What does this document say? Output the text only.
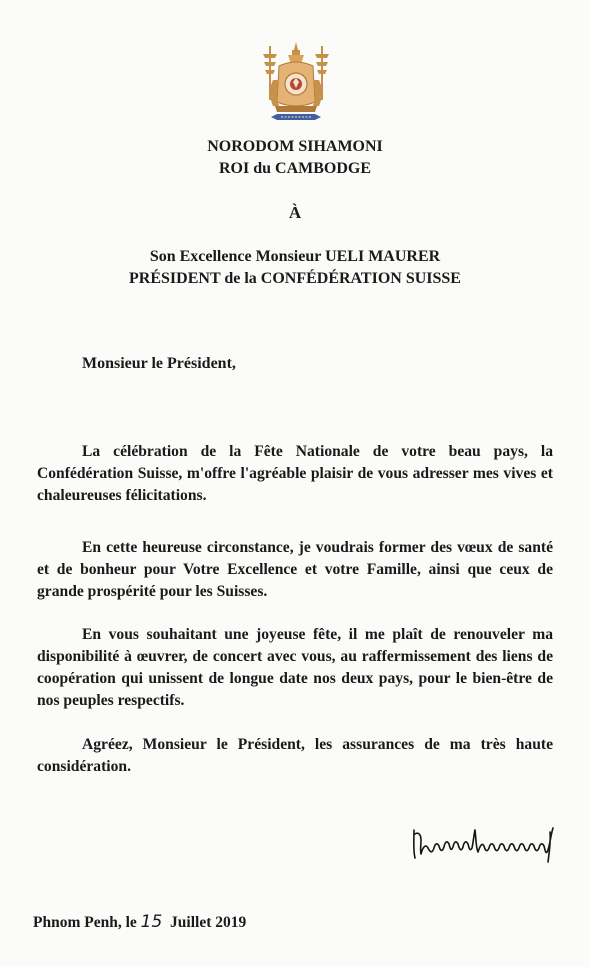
NORODOM SIHAMONI
ROI du CAMBODGE
À
Son Excellence Monsieur UELI MAURER
PRÉSIDENT de la CONFÉDÉRATION SUISSE
Monsieur le Président,

La célébration de la Fête Nationale de votre beau pays, la Confédération Suisse, m'offre l'agréable plaisir de vous adresser mes vives et chaleureuses félicitations.

En cette heureuse circonstance, je voudrais former des vœux de santé et de bonheur pour Votre Excellence et votre Famille, ainsi que ceux de grande prospérité pour les Suisses.

En vous souhaitant une joyeuse fête, il me plaît de renouveler ma disponibilité à œuvrer, de concert avec vous, au raffermissement des liens de coopération qui unissent de longue date nos deux pays, pour le bien-être de nos peuples respectifs.

Agréez, Monsieur le Président, les assurances de ma très haute considération.

Phnom Penh, le 15 Juillet 2019
